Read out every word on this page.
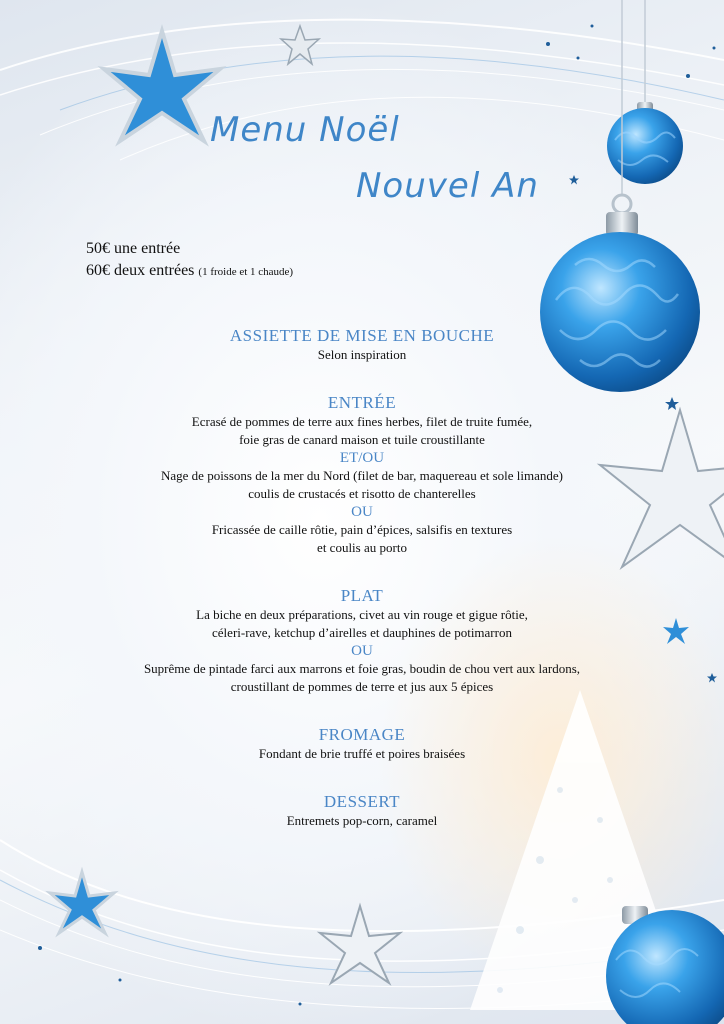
Menu Noël
Nouvel An
50€ une entrée
60€ deux entrées (1 froide et 1 chaude)

ASSIETTE DE MISE EN BOUCHE

Selon inspiration

ENTRÉE

Ecrasé de pommes de terre aux fines herbes, filet de truite fumée,

foie gras de canard maison et tuile croustillante

ET/OU

Nage de poissons de la mer du Nord (filet de bar, maquereau et sole limande)

coulis de crustacés et risotto de chanterelles

OU

Fricassée de caille rôtie, pain d’épices, salsifis en textures

et coulis au porto

PLAT

La biche en deux préparations, civet au vin rouge et gigue rôtie,

céleri-rave, ketchup d’airelles et dauphines de potimarron

OU

Suprême de pintade farci aux marrons et foie gras, boudin de chou vert aux lardons,

croustillant de pommes de terre et jus aux 5 épices

FROMAGE

Fondant de brie truffé et poires braisées

DESSERT

Entremets pop-corn, caramel
